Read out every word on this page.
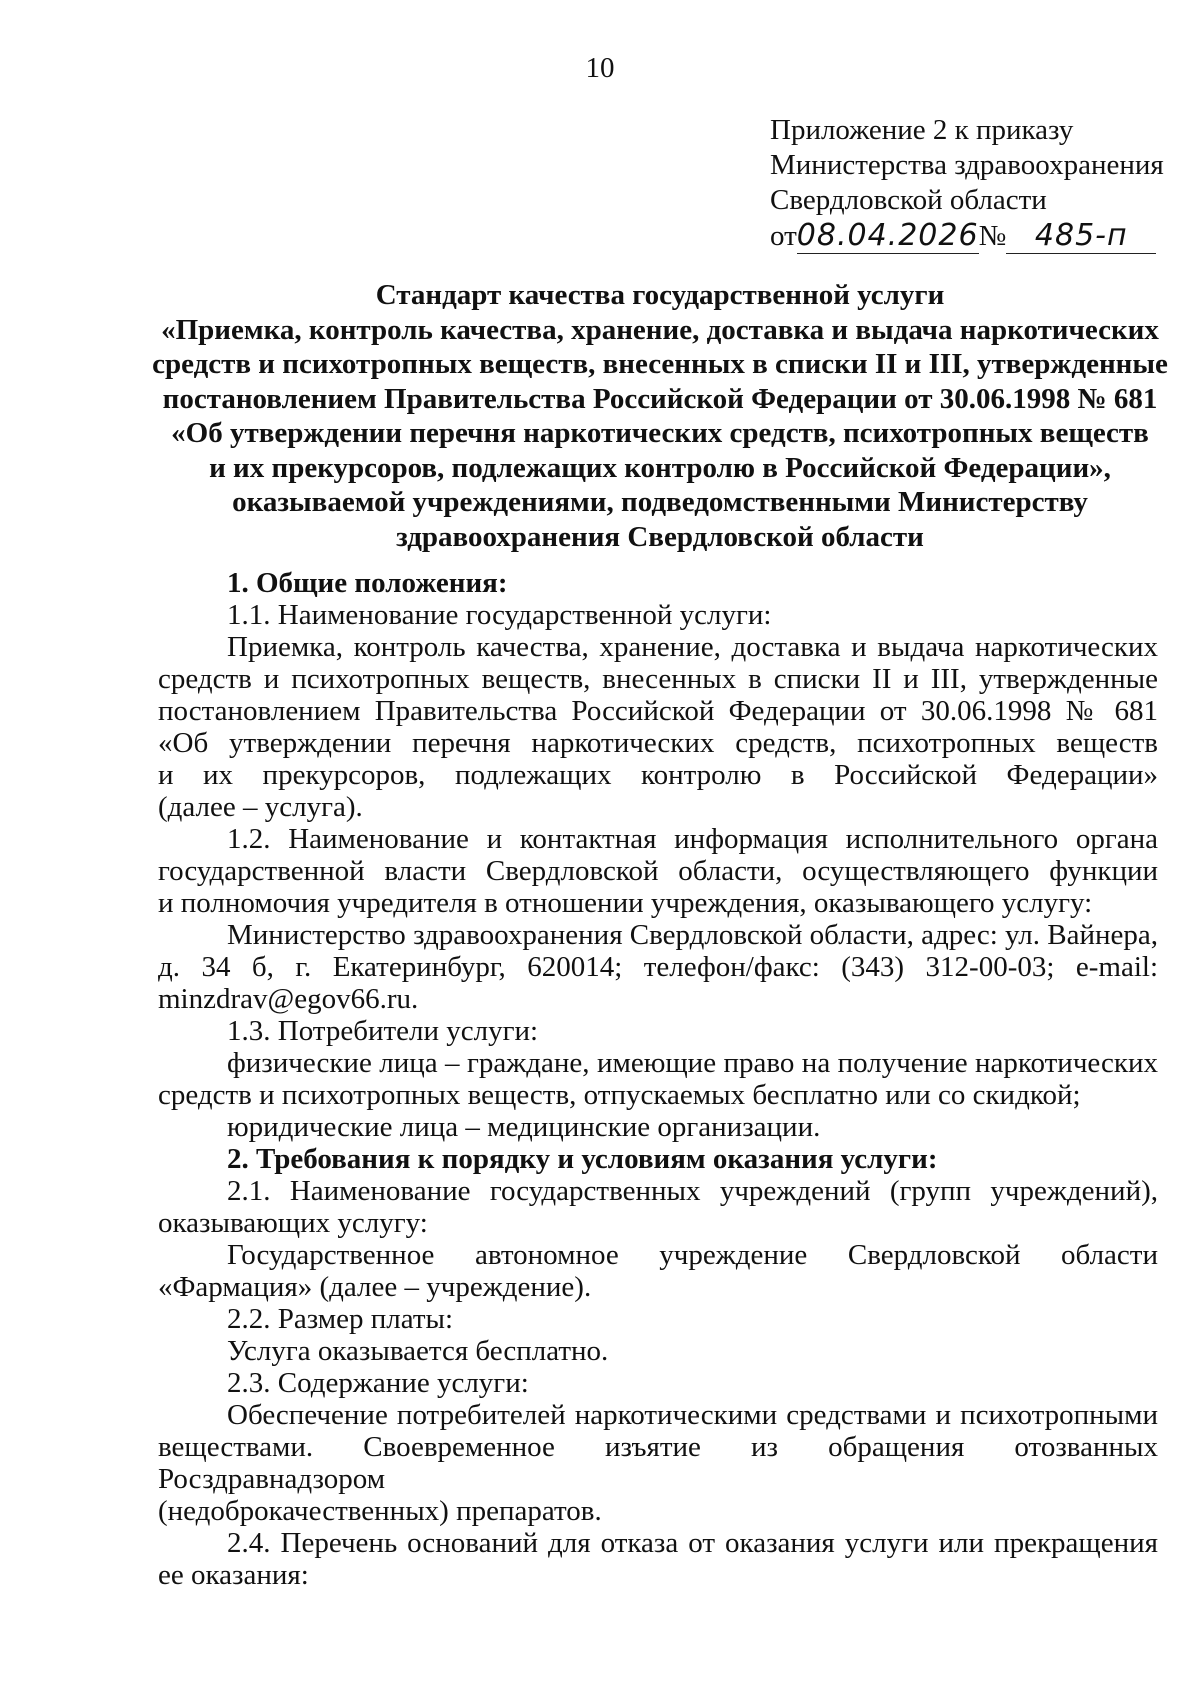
10
Приложение 2 к приказу
Министерства здравоохранения
Свердловской области
от08.04.2026№ 485-п
Стандарт качества государственной услуги
«Приемка, контроль качества, хранение, доставка и выдача наркотических
средств и психотропных веществ, внесенных в списки II и III, утвержденные
постановлением Правительства Российской Федерации от 30.06.1998 № 681
«Об утверждении перечня наркотических средств, психотропных веществ
и их прекурсоров, подлежащих контролю в Российской Федерации»,
оказываемой учреждениями, подведомственными Министерству
здравоохранения Свердловской области

1. Общие положения:

1.1. Наименование государственной услуги:

Приемка, контроль качества, хранение, доставка и выдача наркотических
средств и психотропных веществ, внесенных в списки II и III, утвержденные
постановлением Правительства Российской Федерации от 30.06.1998 № 681
«Об утверждении перечня наркотических средств, психотропных веществ
и их прекурсоров, подлежащих контролю в Российской Федерации»
(далее – услуга).

1.2. Наименование и контактная информация исполнительного органа
государственной власти Свердловской области, осуществляющего функции
и полномочия учредителя в отношении учреждения, оказывающего услугу:

Министерство здравоохранения Свердловской области, адрес: ул. Вайнера,
д. 34 б, г. Екатеринбург, 620014; телефон/факс: (343) 312-00-03; e-mail:
minzdrav@egov66.ru.

1.3. Потребители услуги:

физические лица – граждане, имеющие право на получение наркотических
средств и психотропных веществ, отпускаемых бесплатно или со скидкой;

юридические лица – медицинские организации.

2. Требования к порядку и условиям оказания услуги:

2.1. Наименование государственных учреждений (групп учреждений),
оказывающих услугу:

Государственное автономное учреждение Свердловской области
«Фармация» (далее – учреждение).

2.2. Размер платы:

Услуга оказывается бесплатно.

2.3. Содержание услуги:

Обеспечение потребителей наркотическими средствами и психотропными
веществами. Своевременное изъятие из обращения отозванных Росздравнадзором
(недоброкачественных) препаратов.

2.4. Перечень оснований для отказа от оказания услуги или прекращения
ее оказания:
